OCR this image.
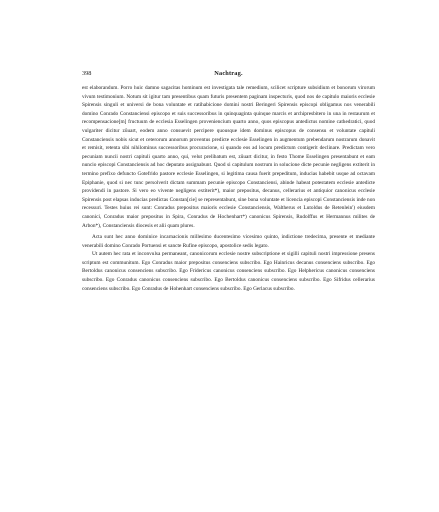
398	Nachtrag.

est elaborandum. Porro huic damno sagacitas hominum est investigata tale remedium, scilicet scripture subsidium et bonorum virorum vivum testimonium. Notum sit igitur tam presentibus quam futuris presentem paginam inspecturis, quod nos de capitulo maioris ecclesie Spirensis singuli et universi de bona voluntate et ratihabicione domini nostri Beringeri Spirensis episcopi obligamus nos venerabili domino Conrado Constanciensi episcopo et suis successoribus in quinquaginta quinque marcis et archipresbitero in una in restaurum et recompensacione[m] fructuum de ecclesia Esselingen proveniencium quarto anno, quos episcopus antedictus nomine cathedratici, quod vulgariter dicitur zûuart, eodem anno consuevit percipere quousque idem dominus episcopus de consensu et voluntate capituli Constanciensis nobis sicut et ceterorum annorum proventus predicte ecclesie Esselingen in augmentum prebendarum nostrarum donavit et remisit, retenta sibi nihilominus successoribus procuracione, si quando eos ad locum predictum contigerit declinare. Predictam vero pecuniam nuncii nostri capituli quarto anno, qui, velut prelibatum est, zûuart dicitur, in festo Thome Esselingen presentabunt et eam nuncio episcopi Constanciensis ad hoc deputato assignabunt. Quod si capitulum nostrum in solucione dicte pecunie negligens extiterit in termino prefixo defuncto Gotefrido pastore ecclesie Esselingen, si legitima causa fuerit prepeditum, inducias habebit usque ad octavam Epiphanie, quod si nec tunc persolverit dictam summam pecunie episcopo Constanciensi, abinde habeat potestatem ecclesie antedicte providendi in pastore. Si vero eo vivente negligens extiterit*), maior prepositus, decanus, cellerarius et antiquior canonicus ecclesie Spirensis post elapsas inducias predictas Constan[cie] se representabunt, sine bona voluntate et licencia episcopi Constanciensis inde non recessuri. Testes huius rei sunt: Conradus prepositus maioris ecclesie Constanciensis, Waltherus et Lutoldus de Retenlein') eiusdem canonici, Conradus maior prepositus in Spira, Conradus de Hochenhart*) canonicus Spirensis, Rudolffus et Hermannus milites de Arbon*), Constanciensis diocesis et alii quam plures.

Acta sunt hec anno dominice incarnacionis millesimo ducentesimo vicesimo quinto, indictione tredecima, presente et mediante venerabili domino Conrado Portuensi et sancte Rufine episcopo, apostolice sedis legato.

Ut autem hec rata et inconvulsa permaneant, canonicorum ecclesie nostre subscriptione et sigilli capituli nostri impressione presens scriptum est communitum. Ego Conradus maior prepositus consenciens subscribo. Ego Hainricus decanus consenciens subscribo. Ego Bertoldus canonicus consenciens subscribo. Ego Fridericus canonicus consenciens subscribo. Ego Helphericus canonicus consenciens subscribo. Ego Conradus canonicus consenciens subscribo. Ego Bertoldus canonicus consenciens subscribo. Ego Sifridus cellerarius consenciens subscribo. Ego Conradus de Hohenhart consenciens subscribo. Ego Gerlacus subscribo.
